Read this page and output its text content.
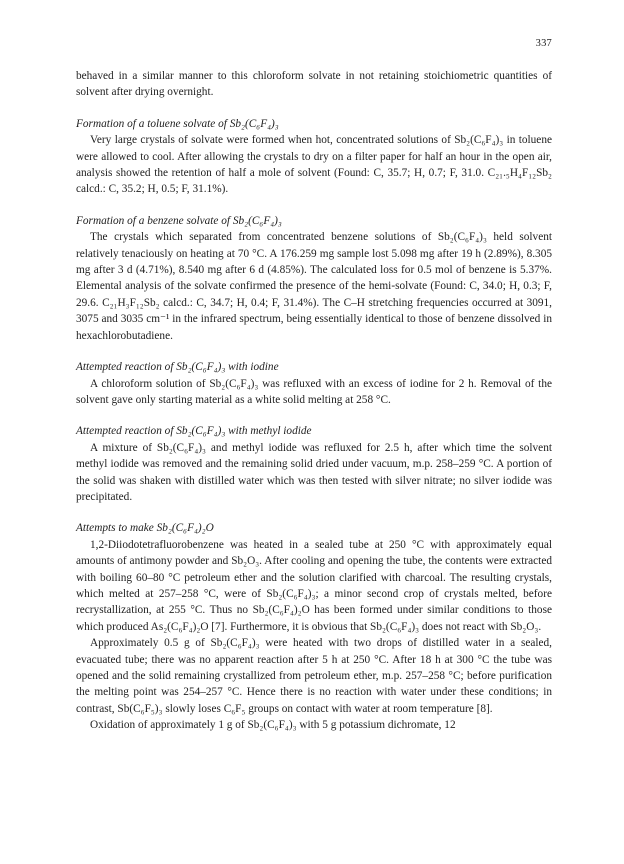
337

behaved in a similar manner to this chloroform solvate in not retaining stoichiometric quantities of solvent after drying overnight.

Formation of a toluene solvate of Sb₂(C₆F₄)₃

Very large crystals of solvate were formed when hot, concentrated solutions of Sb₂(C₆F₄)₃ in toluene were allowed to cool. After allowing the crystals to dry on a filter paper for half an hour in the open air, analysis showed the retention of half a mole of solvent (Found: C, 35.7; H, 0.7; F, 31.0. C₂₁.₅H₄F₁₂Sb₂ calcd.: C, 35.2; H, 0.5; F, 31.1%).

Formation of a benzene solvate of Sb₂(C₆F₄)₃

The crystals which separated from concentrated benzene solutions of Sb₂(C₆F₄)₃ held solvent relatively tenaciously on heating at 70 °C. A 176.259 mg sample lost 5.098 mg after 19 h (2.89%), 8.305 mg after 3 d (4.71%), 8.540 mg after 6 d (4.85%). The calculated loss for 0.5 mol of benzene is 5.37%. Elemental analysis of the solvate confirmed the presence of the hemi-solvate (Found: C, 34.0; H, 0.3; F, 29.6. C₂₁H₃F₁₂Sb₂ calcd.: C, 34.7; H, 0.4; F, 31.4%). The C–H stretching frequencies occurred at 3091, 3075 and 3035 cm⁻¹ in the infrared spectrum, being essentially identical to those of benzene dissolved in hexachlorobutadiene.

Attempted reaction of Sb₂(C₆F₄)₃ with iodine

A chloroform solution of Sb₂(C₆F₄)₃ was refluxed with an excess of iodine for 2 h. Removal of the solvent gave only starting material as a white solid melting at 258 °C.

Attempted reaction of Sb₂(C₆F₄)₃ with methyl iodide

A mixture of Sb₂(C₆F₄)₃ and methyl iodide was refluxed for 2.5 h, after which time the solvent methyl iodide was removed and the remaining solid dried under vacuum, m.p. 258–259 °C. A portion of the solid was shaken with distilled water which was then tested with silver nitrate; no silver iodide was precipitated.

Attempts to make Sb₂(C₆F₄)₂O

1,2-Diiodotetrafluorobenzene was heated in a sealed tube at 250 °C with approximately equal amounts of antimony powder and Sb₂O₃. After cooling and opening the tube, the contents were extracted with boiling 60–80 °C petroleum ether and the solution clarified with charcoal. The resulting crystals, which melted at 257–258 °C, were of Sb₂(C₆F₄)₃; a minor second crop of crystals melted, before recrystallization, at 255 °C. Thus no Sb₂(C₆F₄)₂O has been formed under similar conditions to those which produced As₂(C₆F₄)₂O [7]. Furthermore, it is obvious that Sb₂(C₆F₄)₃ does not react with Sb₂O₃.

Approximately 0.5 g of Sb₂(C₆F₄)₃ were heated with two drops of distilled water in a sealed, evacuated tube; there was no apparent reaction after 5 h at 250 °C. After 18 h at 300 °C the tube was opened and the solid remaining crystallized from petroleum ether, m.p. 257–258 °C; before purification the melting point was 254–257 °C. Hence there is no reaction with water under these conditions; in contrast, Sb(C₆F₅)₃ slowly loses C₆F₅ groups on contact with water at room temperature [8].

Oxidation of approximately 1 g of Sb₂(C₆F₄)₃ with 5 g potassium dichromate, 12
